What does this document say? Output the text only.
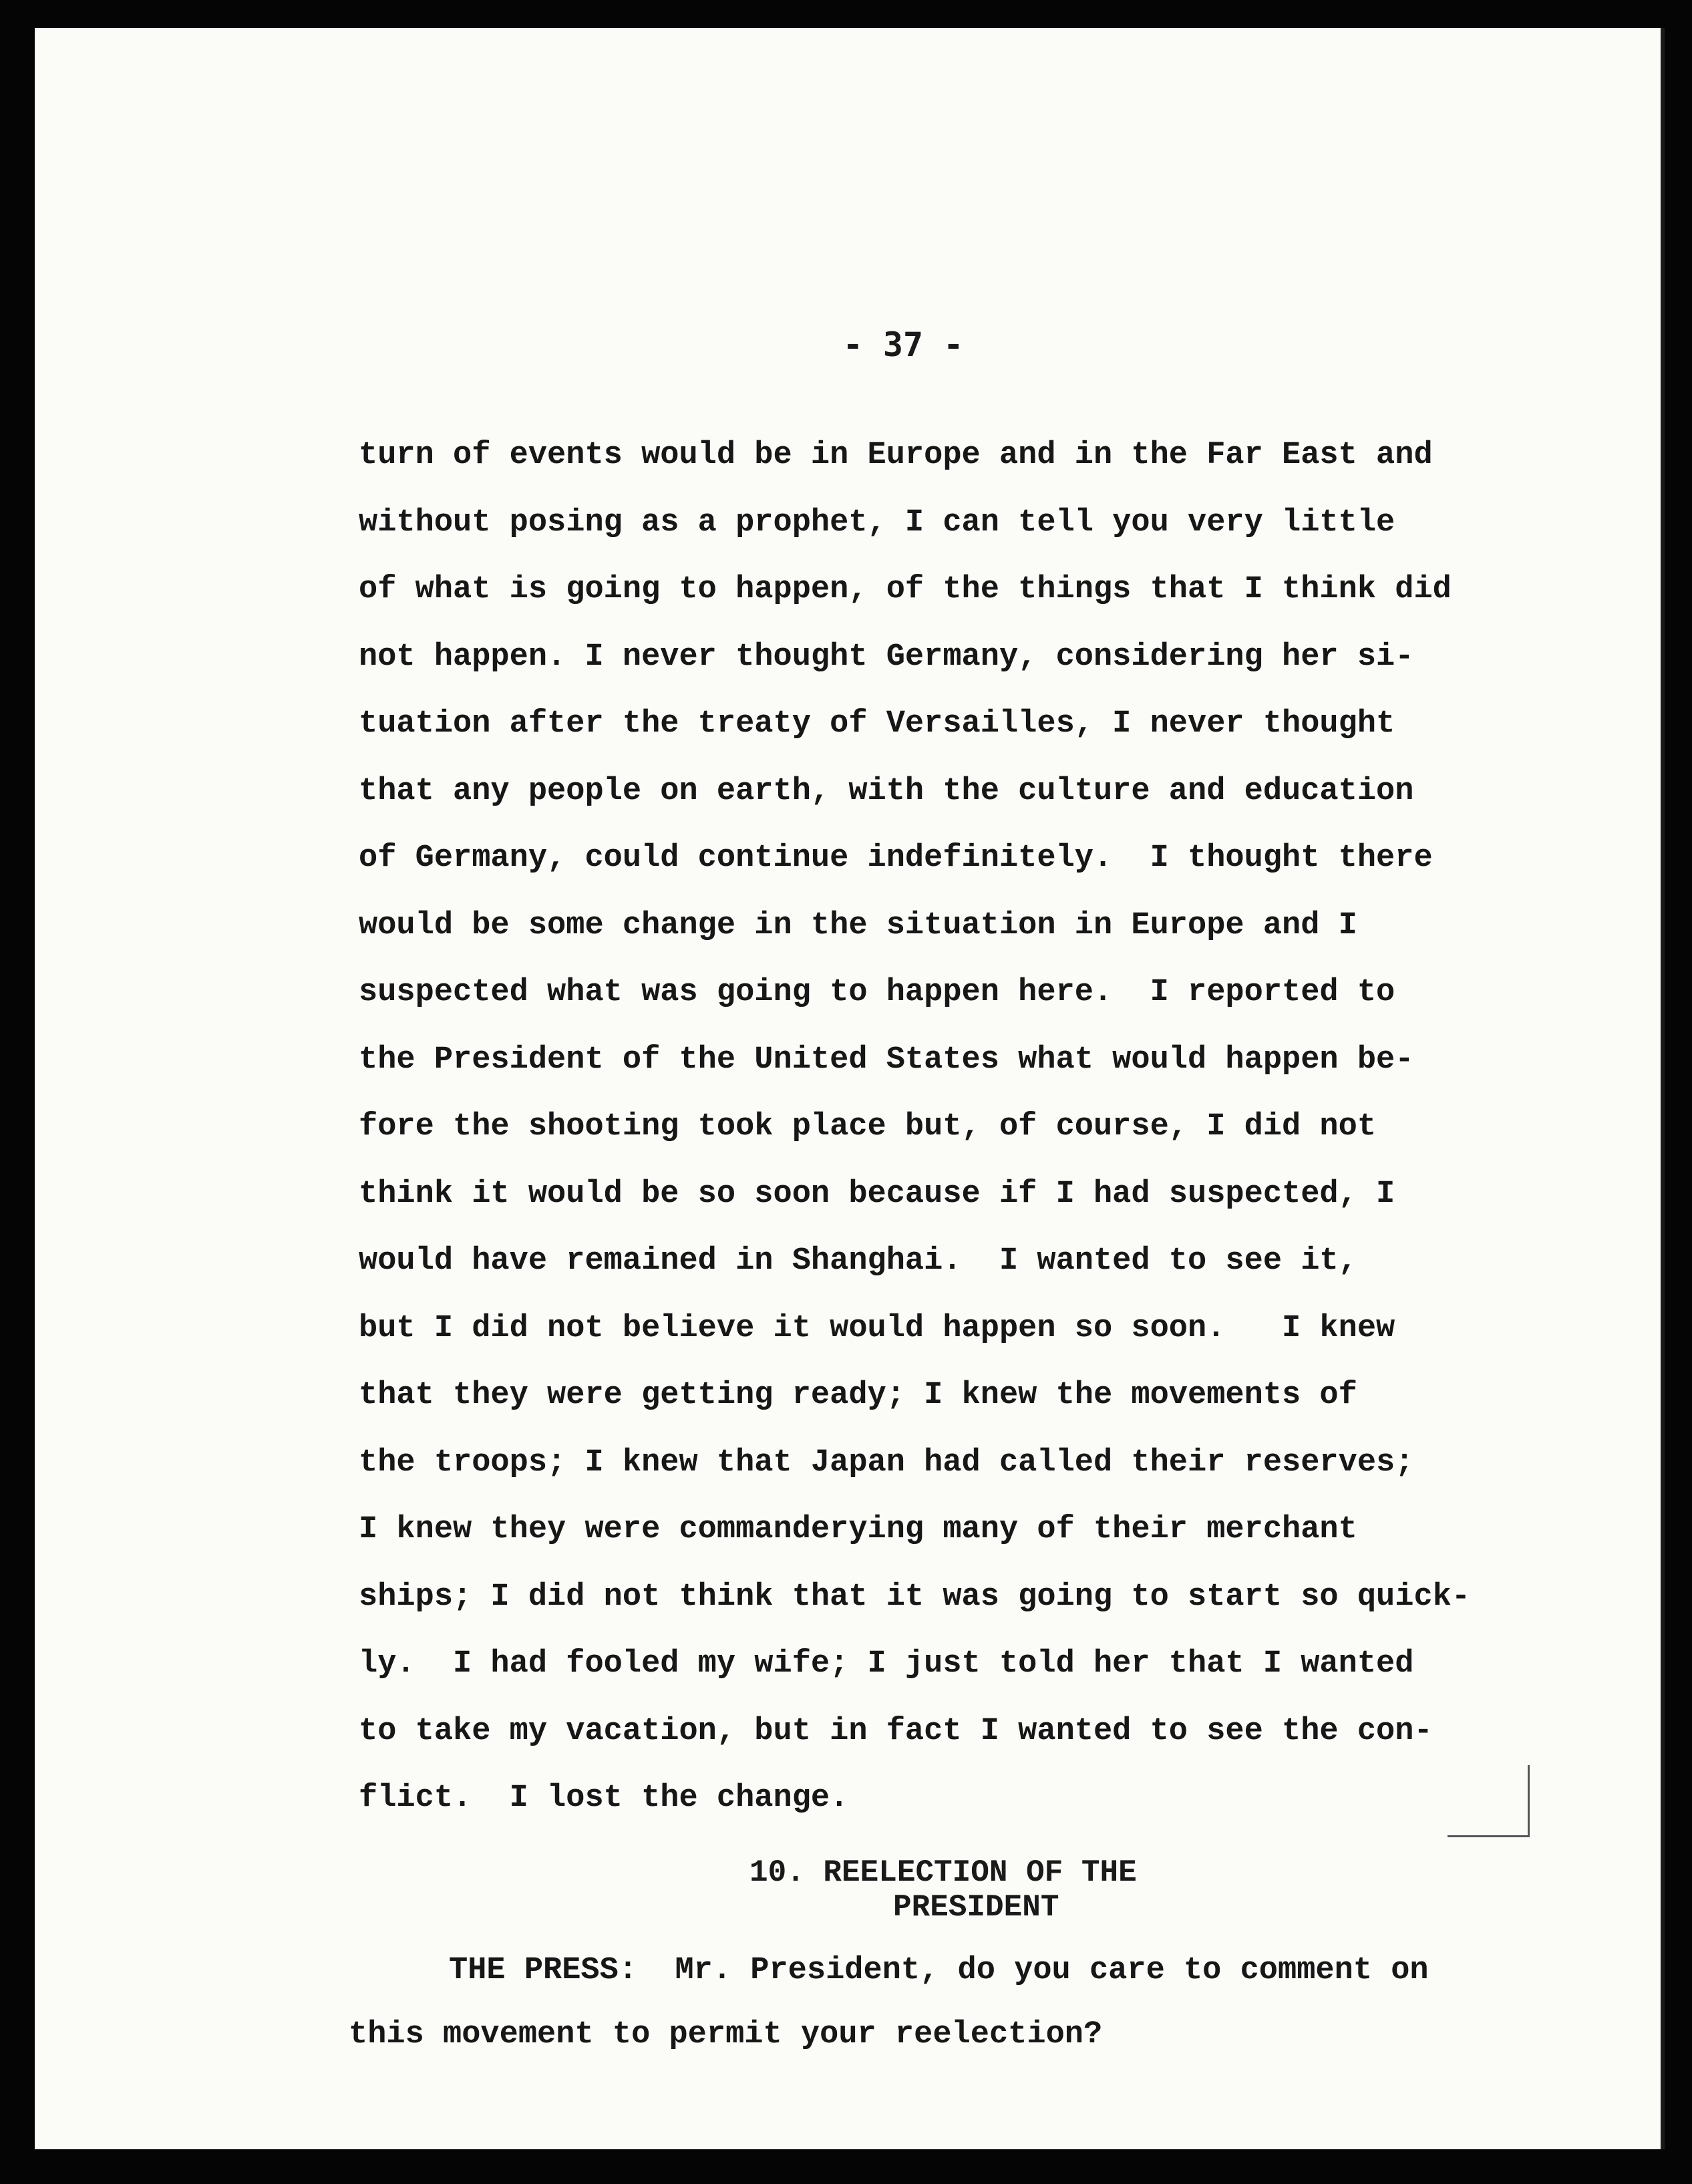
- 37 -

turn of events would be in Europe and in the Far East and
without posing as a prophet, I can tell you very little
of what is going to happen, of the things that I think did
not happen. I never thought Germany, considering her si-
tuation after the treaty of Versailles, I never thought
that any people on earth, with the culture and education
of Germany, could continue indefinitely.  I thought there
would be some change in the situation in Europe and I
suspected what was going to happen here.  I reported to
the President of the United States what would happen be-
fore the shooting took place but, of course, I did not
think it would be so soon because if I had suspected, I
would have remained in Shanghai.  I wanted to see it,
but I did not believe it would happen so soon.   I knew
that they were getting ready; I knew the movements of
the troops; I knew that Japan had called their reserves;
I knew they were commanderying many of their merchant
ships; I did not think that it was going to start so quick-
ly.  I had fooled my wife; I just told her that I wanted
to take my vacation, but in fact I wanted to see the con-
flict.  I lost the change.
10. REELECTION OF THE
PRESIDENT
THE PRESS:  Mr. President, do you care to comment on
this movement to permit your reelection?
